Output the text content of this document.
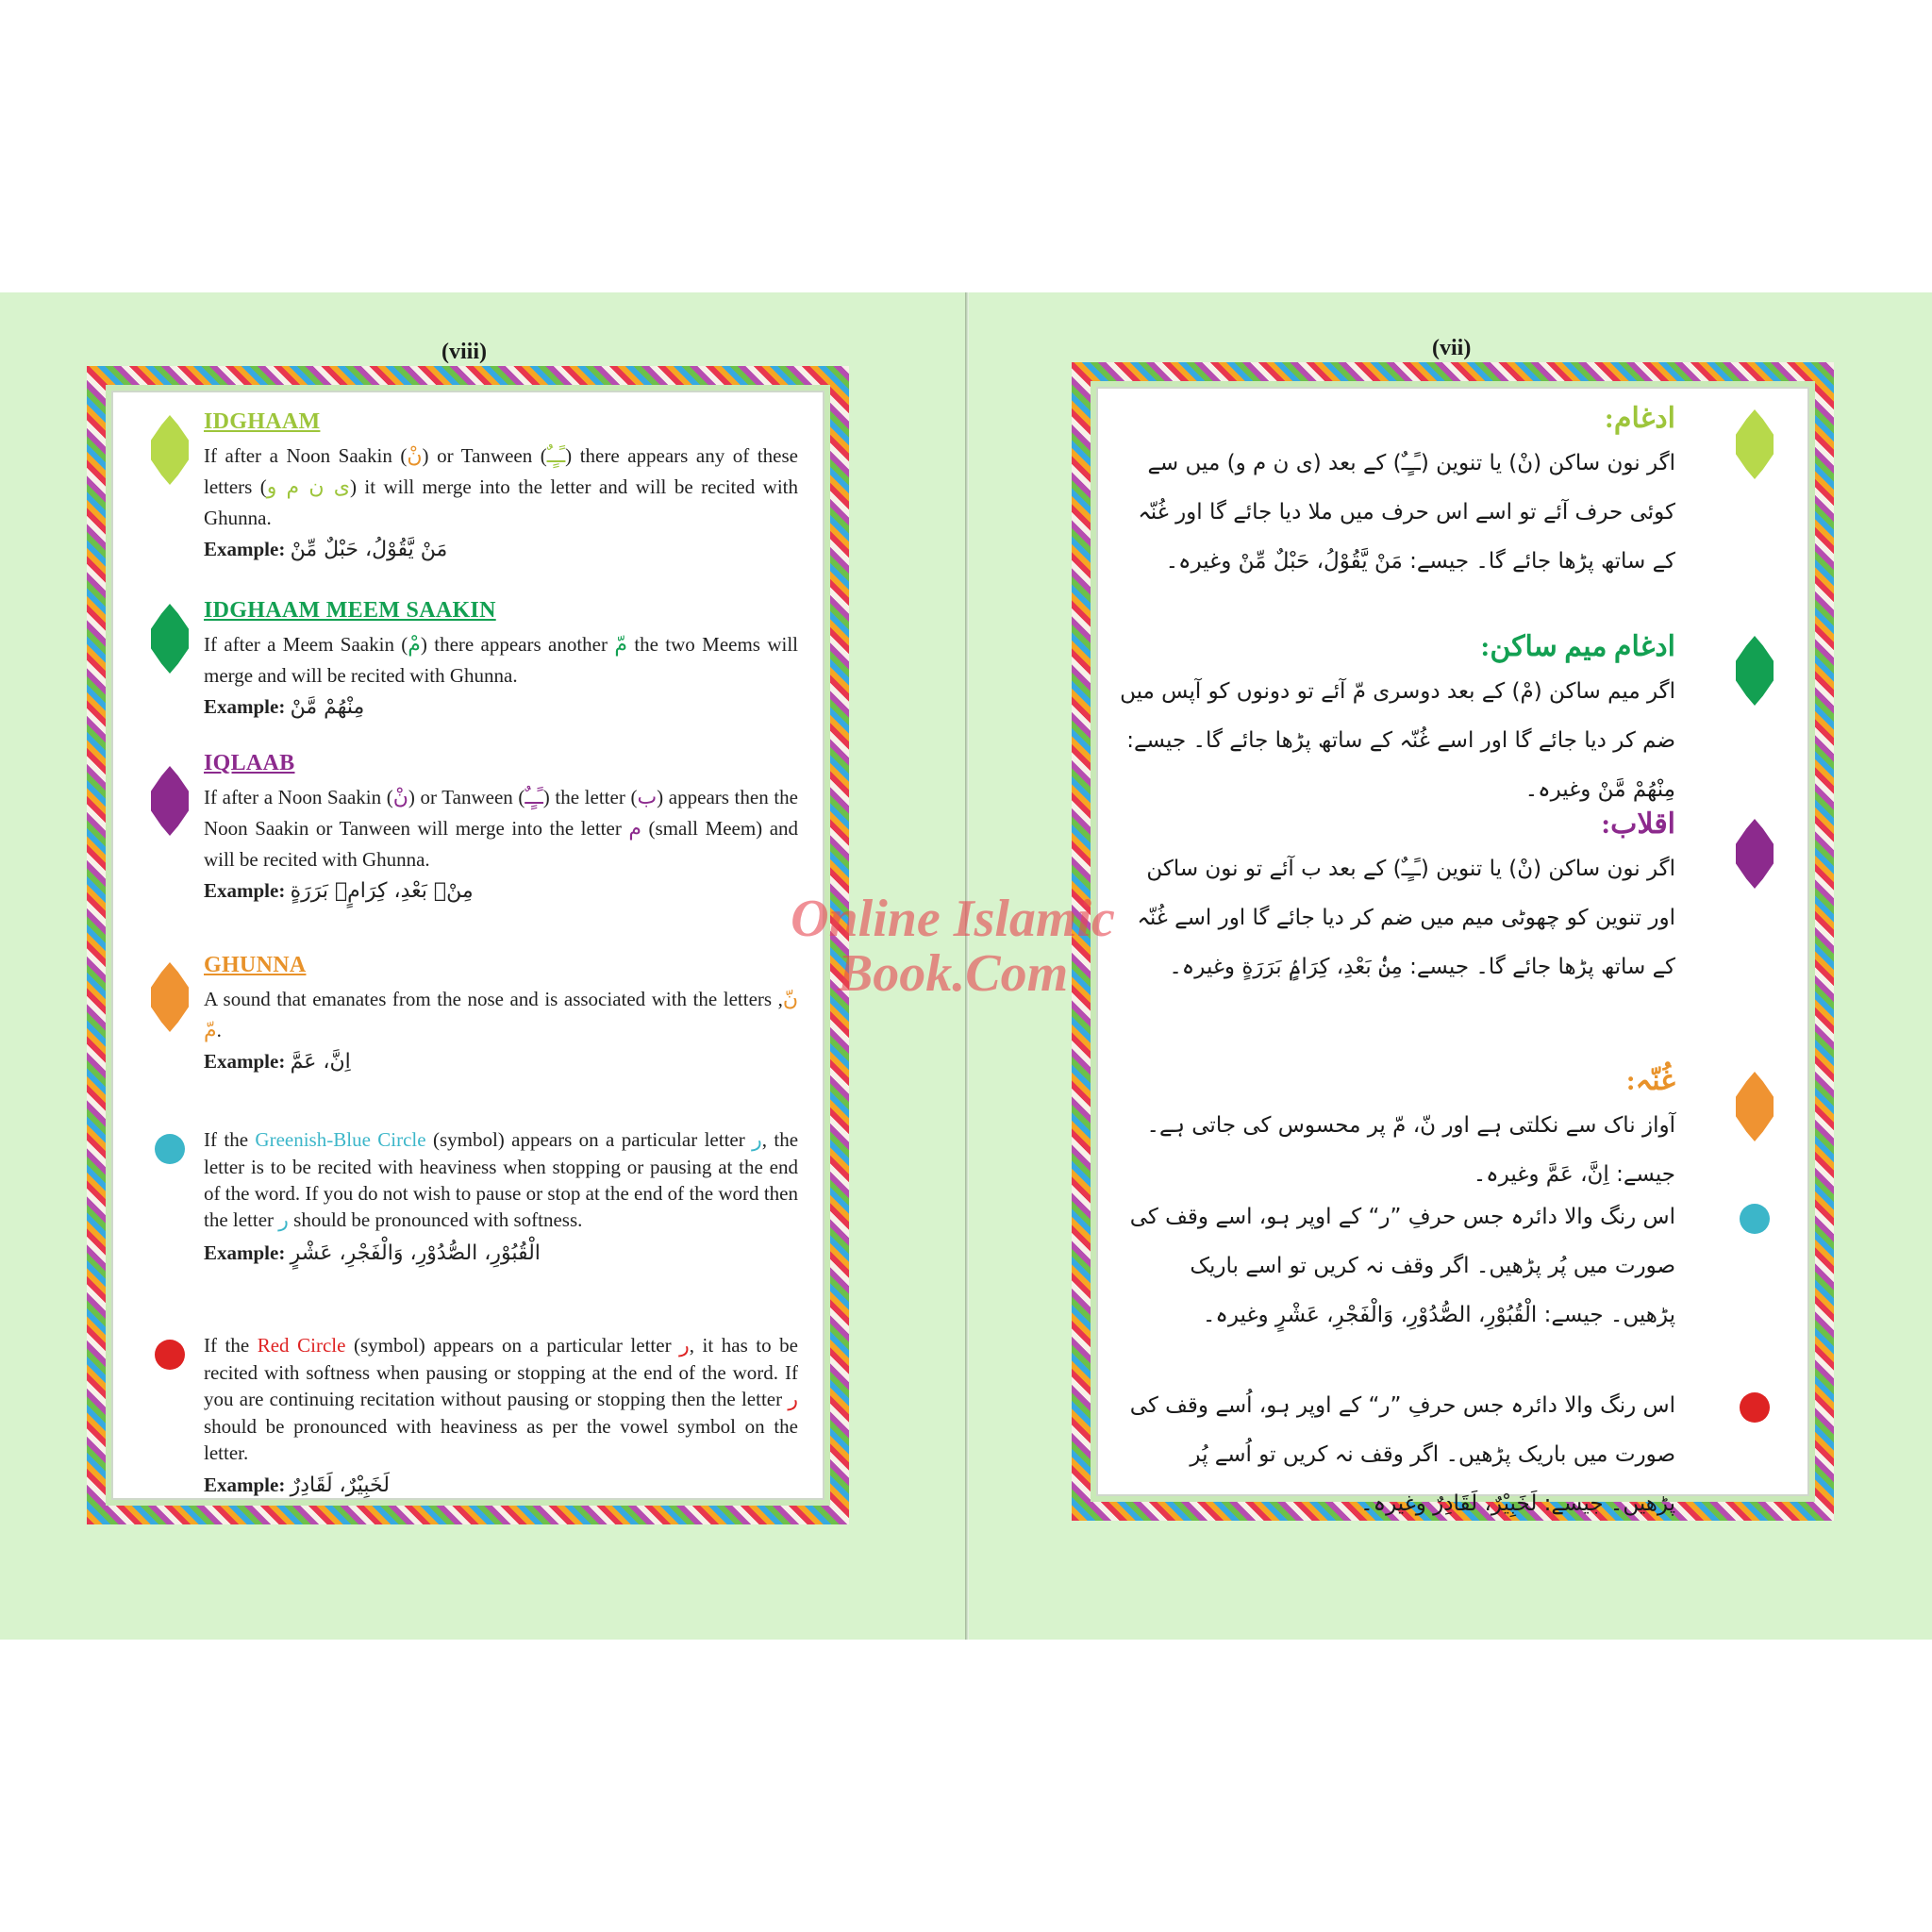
(viii)
IDGHAAM
If after a Noon Saakin (نْ) or Tanween (ـًـٍـٌ) there appears any of these letters (ی ن م و) it will merge into the letter and will be recited with Ghunna.
Example: مَنْ يَّقُوْلُ، حَبْلٌ مِّنْ
IDGHAAM MEEM SAAKIN
If after a Meem Saakin (مْ) there appears another مّ the two Meems will merge and will be recited with Ghunna.
Example: مِنْهُمْ مَّنْ
IQLAAB
If after a Noon Saakin (نْ) or Tanween (ـًـٍـٌ) the letter (ب) appears then the Noon Saakin or Tanween will merge into the letter م (small Meem) and will be recited with Ghunna.
Example: مِنْۢ بَعْدِ، كِرَامٍۢ بَرَرَةٍ
GHUNNA
A sound that emanates from the nose and is associated with the letters نّ, مّ.
Example: اِنَّ، عَمَّ
If the Greenish-Blue Circle (symbol) appears on a particular letter ر, the letter is to be recited with heaviness when stopping or pausing at the end of the word. If you do not wish to pause or stop at the end of the word then the letter ر should be pronounced with softness.
Example: الْقُبُوْرِ، الصُّدُوْرِ، وَالْفَجْرِ، عَشْرٍ
If the Red Circle (symbol) appears on a particular letter ر, it has to be recited with softness when pausing or stopping at the end of the word. If you are continuing recitation without pausing or stopping then the letter ر should be pronounced with heaviness as per the vowel symbol on the letter.
Example: لَخَبِيْرٌ، لَقَادِرٌ
(vii)
ادغام:
اگر نون ساکن (نْ) یا تنوین (ـًـٍـٌ) کے بعد (ی ن م و) میں سے کوئی حرف آئے تو اسے اس حرف میں ملا دیا جائے گا اور غُنّہ کے ساتھ پڑھا جائے گا۔ جیسے: مَنْ يَّقُوْلُ، حَبْلٌ مِّنْ وغیرہ۔
ادغام میم ساکن:
اگر میم ساکن (مْ) کے بعد دوسری مّ آئے تو دونوں کو آپس میں ضم کر دیا جائے گا اور اسے غُنّہ کے ساتھ پڑھا جائے گا۔ جیسے: مِنْهُمْ مَّنْ وغیرہ۔
اقلاب:
اگر نون ساکن (نْ) یا تنوین (ـًـٍـٌ) کے بعد ب آئے تو نون ساکن اور تنوین کو چھوٹی میم میں ضم کر دیا جائے گا اور اسے غُنّہ کے ساتھ پڑھا جائے گا۔ جیسے: مِنْۢ بَعْدِ، كِرَامٍۢ بَرَرَةٍ وغیرہ۔
غُنّہ:
آواز ناک سے نکلتی ہے اور نّ، مّ پر محسوس کی جاتی ہے۔ جیسے: اِنَّ، عَمَّ وغیرہ۔
اس رنگ والا دائرہ جس حرفِ ”ر“ کے اوپر ہو، اسے وقف کی صورت میں پُر پڑھیں۔ اگر وقف نہ کریں تو اسے باریک پڑھیں۔ جیسے: الْقُبُوْرِ، الصُّدُوْرِ، وَالْفَجْرِ، عَشْرٍ وغیرہ۔
اس رنگ والا دائرہ جس حرفِ ”ر“ کے اوپر ہو، اُسے وقف کی صورت میں باریک پڑھیں۔ اگر وقف نہ کریں تو اُسے پُر پڑھیں۔ جیسے: لَخَبِيْرٌ، لَقَادِرٌ وغیرہ۔
Online Islamic
Book.Com
